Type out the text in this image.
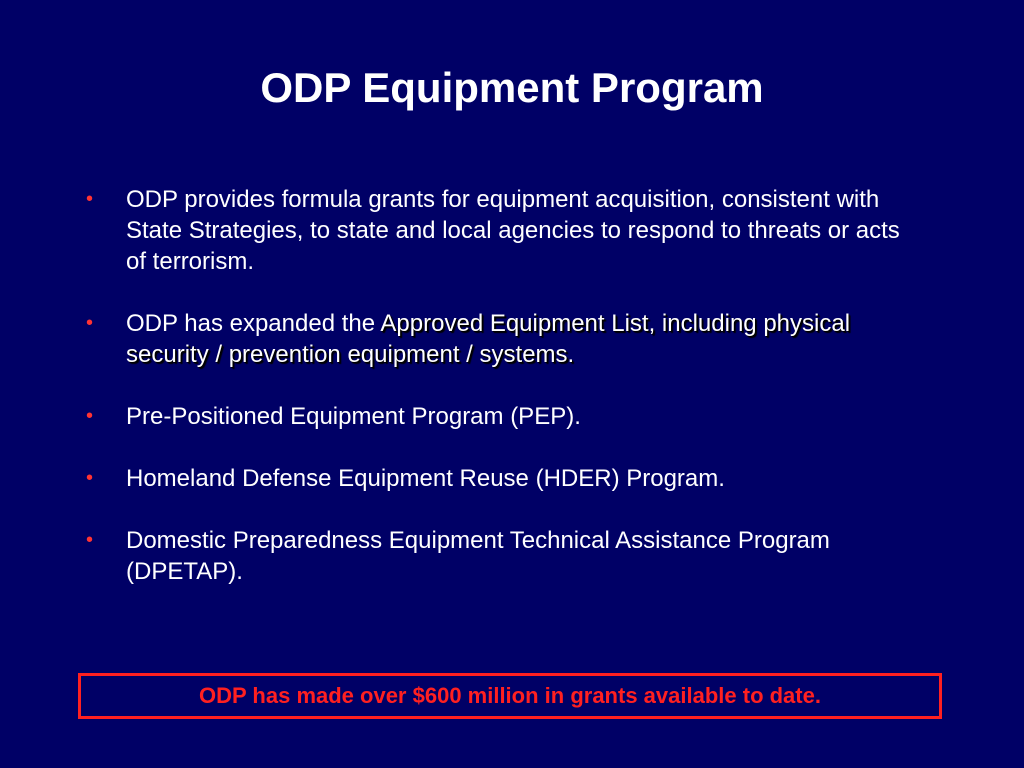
ODP Equipment Program
• ODP provides formula grants for equipment acquisition, consistent with State Strategies, to state and local agencies to respond to threats or acts of terrorism.
• ODP has expanded the Approved Equipment List, including physical security / prevention equipment / systems.
• Pre-Positioned Equipment Program (PEP).
• Homeland Defense Equipment Reuse (HDER) Program.
• Domestic Preparedness Equipment Technical Assistance Program (DPETAP).
ODP has made over $600 million in grants available to date.
